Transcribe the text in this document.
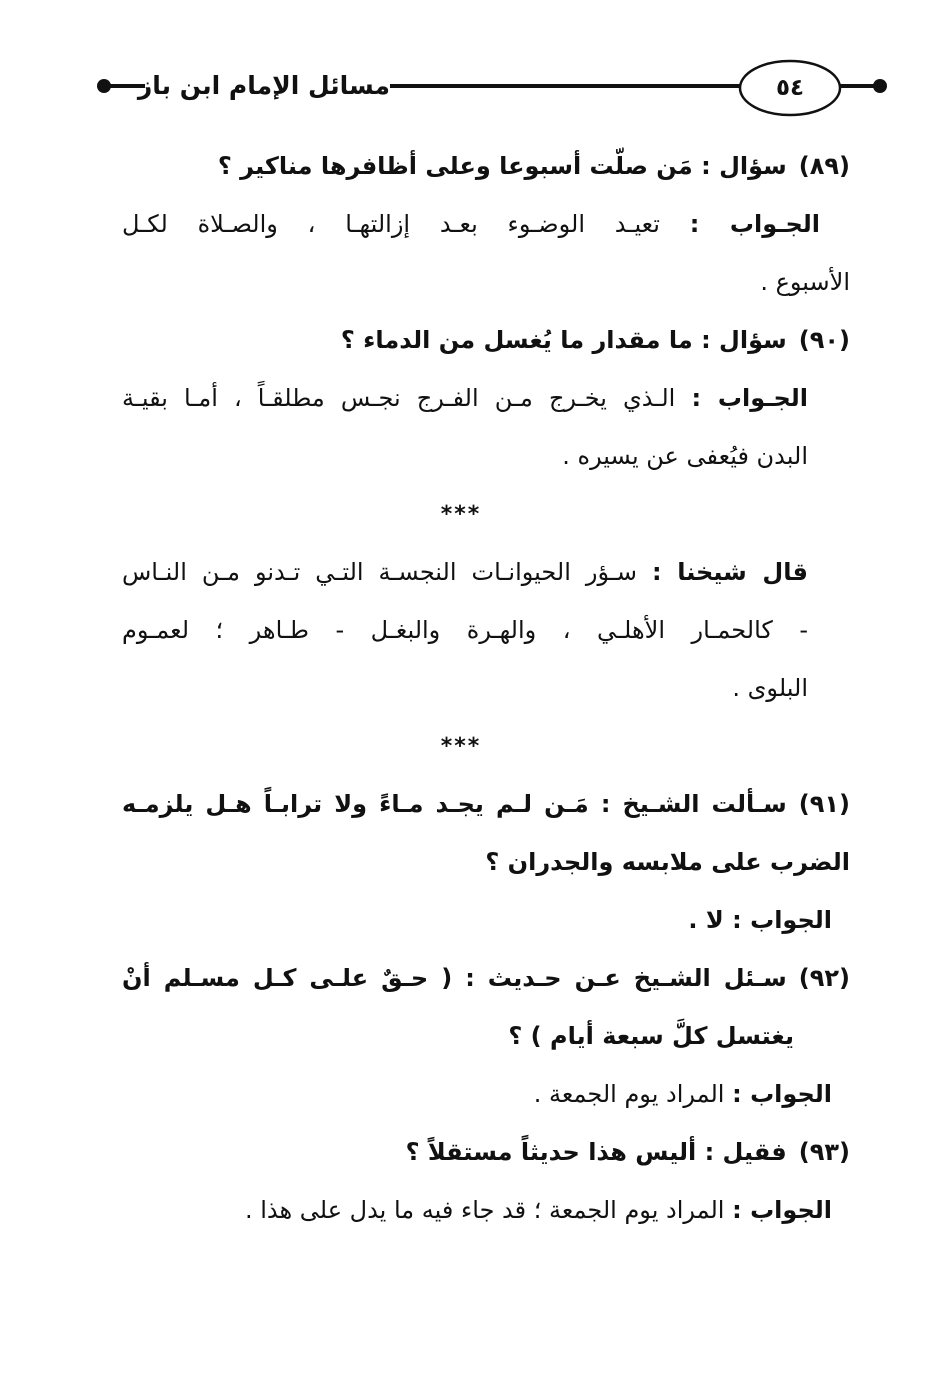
مسائل الإمام ابن باز	٥٤
(٨٩)سؤال : مَن صلّت أسبوعا وعلى أظافرها مناكير ؟
الجـواب : تعيـد الوضـوء بعـد إزالتهـا ، والصـلاة لكـل
الأسبوع .
(٩٠)سؤال : ما مقدار ما يُغسل من الدماء ؟
الجـواب : الـذي يخـرج مـن الفـرج نجـس مطلقـاً ، أمـا بقيـة
البدن فيُعفى عن يسيره .
***
قال شيخنا : سـؤر الحيوانـات النجسـة التـي تـدنو مـن النـاس
- كالحمـار الأهلـي ، والهـرة والبغـل - طـاهر ؛ لعمـوم
البلوى .
***
(٩١)سـألت الشـيخ : مَـن لـم يجـد مـاءً ولا ترابـاً هـل يلزمـه
الضرب على ملابسه والجدران ؟
الجواب : لا .
(٩٢)سـئل الشـيخ عـن حـديث : ( حـقٌ علـى كـل مسـلم أنْ
يغتسل كلَّ سبعة أيام ) ؟
الجواب : المراد يوم الجمعة .
(٩٣)فقيل : أليس هذا حديثاً مستقلاً ؟
الجواب : المراد يوم الجمعة ؛ قد جاء فيه ما يدل على هذا .
